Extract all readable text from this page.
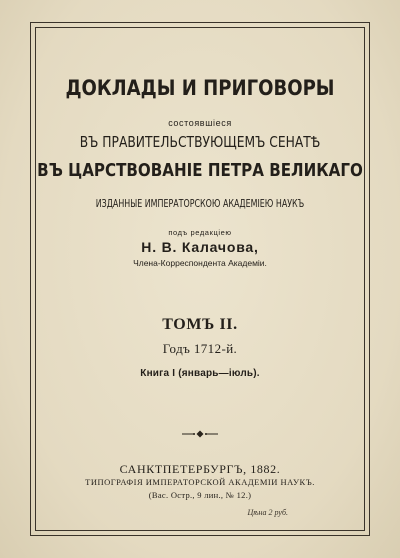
ДОКЛАДЫ И ПРИГОВОРЫ
состоявшiеся
ВЪ ПРАВИТЕЛЬСТВУЮЩЕМЪ СЕНАТѢ
ВЪ ЦАРСТВОВАНIЕ ПЕТРА ВЕЛИКАГО
ИЗДАННЫЕ ИМПЕРАТОРСКОЮ АКАДЕМIЕЮ НАУКЪ
подъ редакцiею
Н. В. Калачова,
Члена-Корреспондента Академiи.
ТОМЪ II.
Годъ 1712-й.
Книга I (январь—iюль).
САНКТПЕТЕРБУРГЪ, 1882.
ТИПОГРАФIЯ ИМПЕРАТОРСКОЙ АКАДЕМIИ НАУКЪ.
(Вас. Остр., 9 лин., № 12.)
Цѣна 2 руб.
